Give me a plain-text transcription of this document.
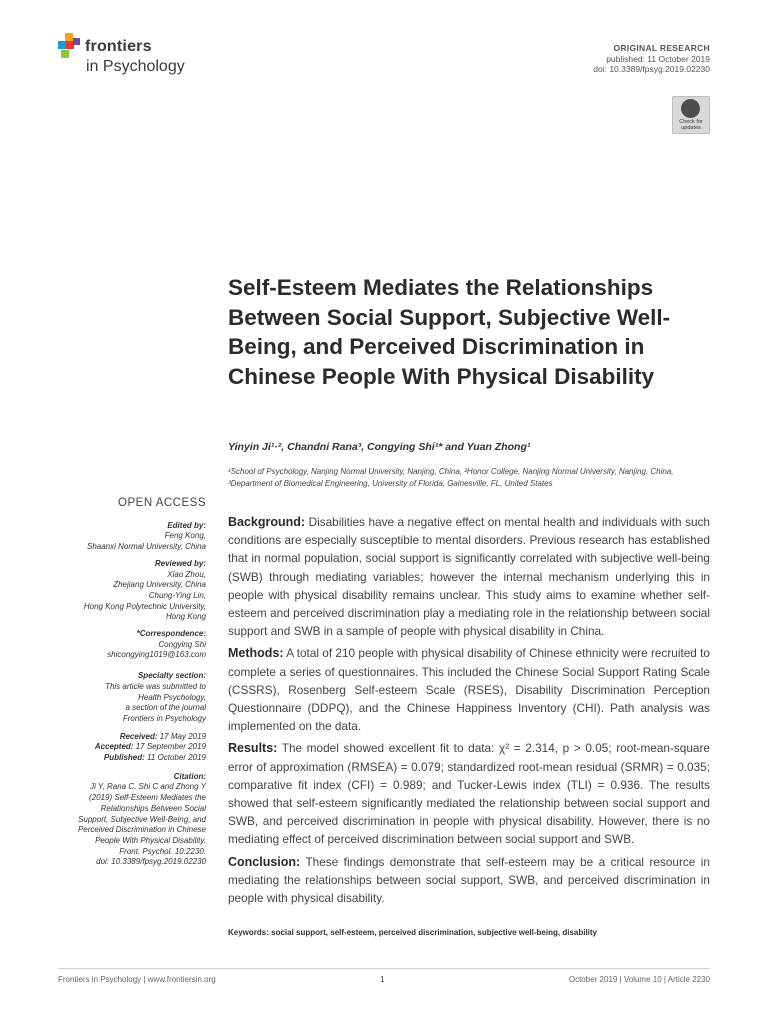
frontiers
in Psychology
ORIGINAL RESEARCH
published: 11 October 2019
doi: 10.3389/fpsyg.2019.02230
Check for
updates
Self-Esteem Mediates the Relationships Between Social Support, Subjective Well-Being, and Perceived Discrimination in Chinese People With Physical Disability
Yinyin Ji¹·², Chandni Rana³, Congying Shi¹* and Yuan Zhong¹
¹School of Psychology, Nanjing Normal University, Nanjing, China, ²Honor College, Nanjing Normal University, Nanjing, China,
³Department of Biomedical Engineering, University of Florida, Gainesville, FL, United States
OPEN ACCESS
Edited by:
Feng Kong,
Shaanxi Normal University, China
Reviewed by:
Xiao Zhou,
Zhejiang University, China
Chung-Ying Lin,
Hong Kong Polytechnic University,
Hong Kong
*Correspondence:
Congying Shi
shicongying1019@163.com
Specialty section:
This article was submitted to
Health Psychology,
a section of the journal
Frontiers in Psychology
Received: 17 May 2019
Accepted: 17 September 2019
Published: 11 October 2019
Citation:
Ji Y, Rana C, Shi C and Zhong Y
(2019) Self-Esteem Mediates the
Relationships Between Social
Support, Subjective Well-Being, and
Perceived Discrimination in Chinese
People With Physical Disability.
Front. Psychol. 10:2230.
doi: 10.3389/fpsyg.2019.02230

Background: Disabilities have a negative effect on mental health and individuals with such conditions are especially susceptible to mental disorders. Previous research has established that in normal population, social support is significantly correlated with subjective well-being (SWB) through mediating variables; however the internal mechanism underlying this in people with physical disability remains unclear. This study aims to examine whether self-esteem and perceived discrimination play a mediating role in the relationship between social support and SWB in a sample of people with physical disability in China.

Methods: A total of 210 people with physical disability of Chinese ethnicity were recruited to complete a series of questionnaires. This included the Chinese Social Support Rating Scale (CSSRS), Rosenberg Self-esteem Scale (RSES), Disability Discrimination Perception Questionnaire (DDPQ), and the Chinese Happiness Inventory (CHI). Path analysis was implemented on the data.

Results: The model showed excellent fit to data: χ² = 2.314, p > 0.05; root-mean-square error of approximation (RMSEA) = 0.079; standardized root-mean residual (SRMR) = 0.035; comparative fit index (CFI) = 0.989; and Tucker-Lewis index (TLI) = 0.936. The results showed that self-esteem significantly mediated the relationship between social support and SWB, and perceived discrimination in people with physical disability. However, there is no mediating effect of perceived discrimination between social support and SWB.

Conclusion: These findings demonstrate that self-esteem may be a critical resource in mediating the relationships between social support, SWB, and perceived discrimination in people with physical disability.

Keywords: social support, self-esteem, perceived discrimination, subjective well-being, disability
Frontiers in Psychology | www.frontiersin.org	1	October 2019 | Volume 10 | Article 2230
